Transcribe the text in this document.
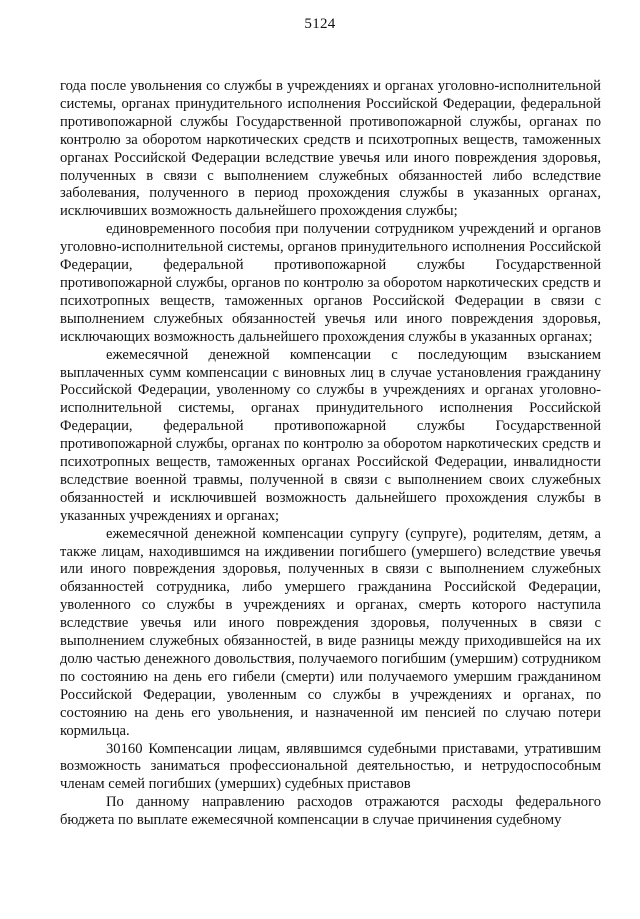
5124

года после увольнения со службы в учреждениях и органах уголовно-исполнительной системы, органах принудительного исполнения Российской Федерации, федеральной противопожарной службы Государственной противопожарной службы, органах по контролю за оборотом наркотических средств и психотропных веществ, таможенных органах Российской Федерации вследствие увечья или иного повреждения здоровья, полученных в связи с выполнением служебных обязанностей либо вследствие заболевания, полученного в период прохождения службы в указанных органах, исключивших возможность дальнейшего прохождения службы;

единовременного пособия при получении сотрудником учреждений и органов уголовно-исполнительной системы, органов принудительного исполнения Российской Федерации, федеральной противопожарной службы Государственной противопожарной службы, органов по контролю за оборотом наркотических средств и психотропных веществ, таможенных органов Российской Федерации в связи с выполнением служебных обязанностей увечья или иного повреждения здоровья, исключающих возможность дальнейшего прохождения службы в указанных органах;

ежемесячной денежной компенсации с последующим взысканием выплаченных сумм компенсации с виновных лиц в случае установления гражданину Российской Федерации, уволенному со службы в учреждениях и органах уголовно-исполнительной системы, органах принудительного исполнения Российской Федерации, федеральной противопожарной службы Государственной противопожарной службы, органах по контролю за оборотом наркотических средств и психотропных веществ, таможенных органах Российской Федерации, инвалидности вследствие военной травмы, полученной в связи с выполнением своих служебных обязанностей и исключившей возможность дальнейшего прохождения службы в указанных учреждениях и органах;

ежемесячной денежной компенсации супругу (супруге), родителям, детям, а также лицам, находившимся на иждивении погибшего (умершего) вследствие увечья или иного повреждения здоровья, полученных в связи с выполнением служебных обязанностей сотрудника, либо умершего гражданина Российской Федерации, уволенного со службы в учреждениях и органах, смерть которого наступила вследствие увечья или иного повреждения здоровья, полученных в связи с выполнением служебных обязанностей, в виде разницы между приходившейся на их долю частью денежного довольствия, получаемого погибшим (умершим) сотрудником по состоянию на день его гибели (смерти) или получаемого умершим гражданином Российской Федерации, уволенным со службы в учреждениях и органах, по состоянию на день его увольнения, и назначенной им пенсией по случаю потери кормильца.

30160 Компенсации лицам, являвшимся судебными приставами, утратившим возможность заниматься профессиональной деятельностью, и нетрудоспособным членам семей погибших (умерших) судебных приставов

По данному направлению расходов отражаются расходы федерального бюджета по выплате ежемесячной компенсации в случае причинения судебному
